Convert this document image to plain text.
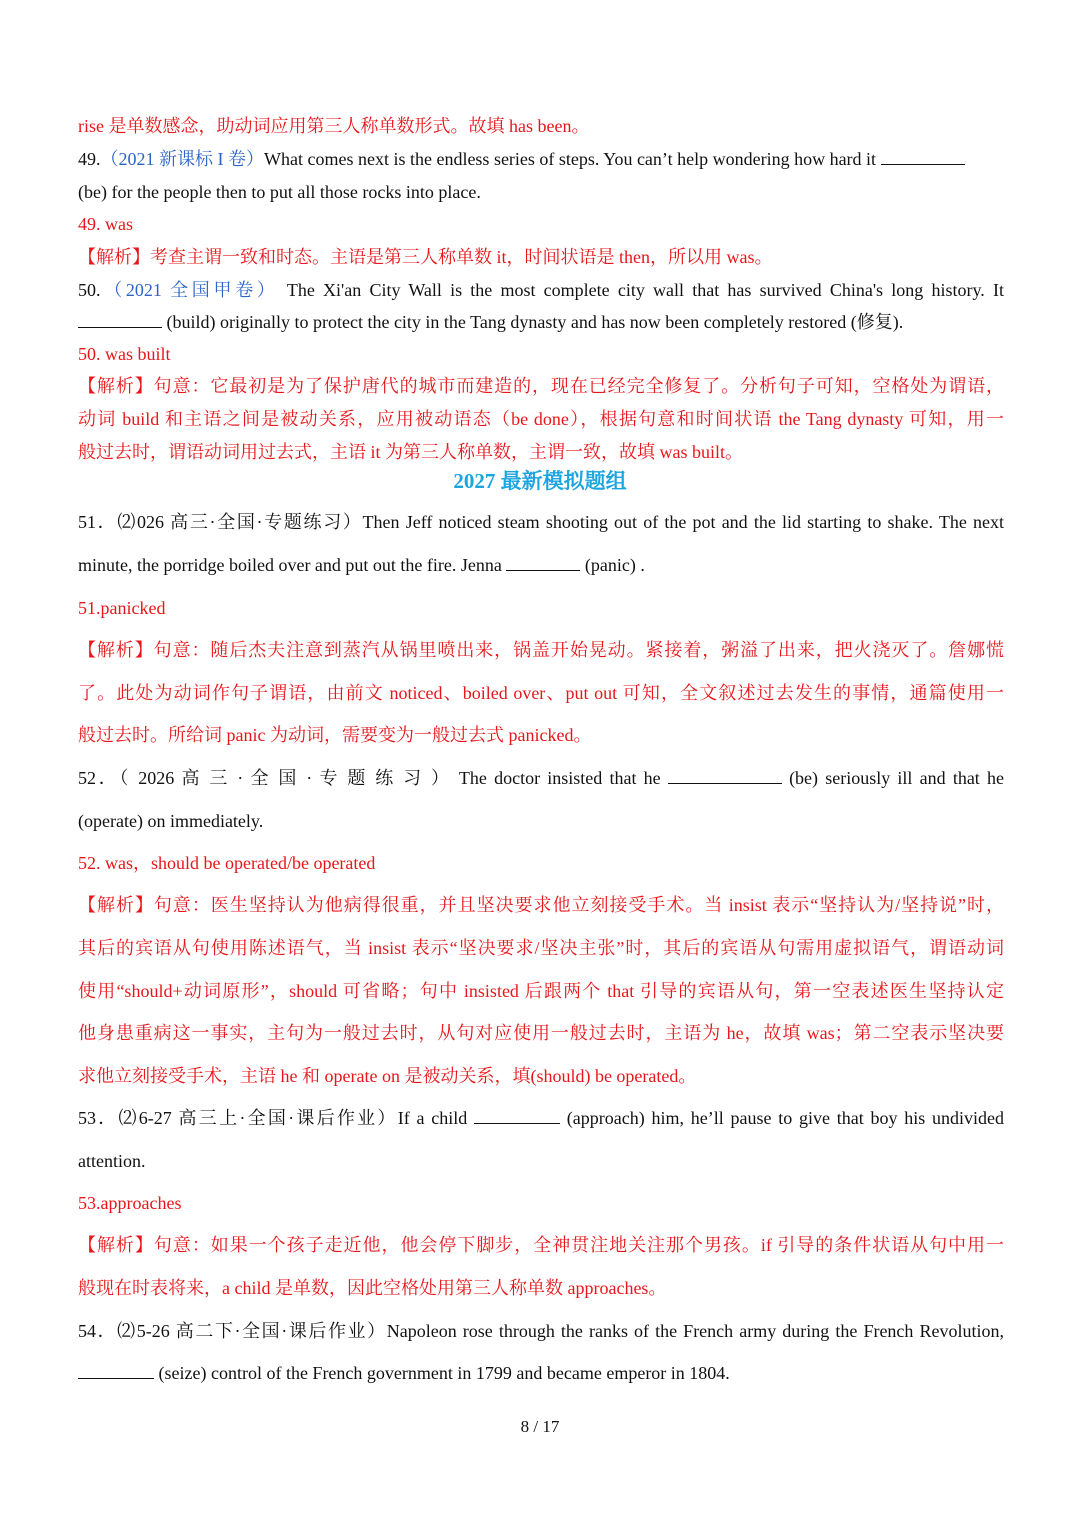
rise 是单数感念，助动词应用第三人称单数形式。故填 has been。
49.（2021 新课标 I 卷）What comes next is the endless series of steps. You can’t help wondering how hard it
(be) for the people then to put all those rocks into place.
49. was
【解析】考查主谓一致和时态。主语是第三人称单数 it，时间状语是 then，所以用 was。
50.（2021 全国甲卷） The Xi'an City Wall is the most complete city wall that has survived China's long history. It
(build) originally to protect the city in the Tang dynasty and has now been completely restored (修复).
50. was built
【解析】句意：它最初是为了保护唐代的城市而建造的，现在已经完全修复了。分析句子可知，空格处为谓语，
动词 build 和主语之间是被动关系，应用被动语态（be done），根据句意和时间状语 the Tang dynasty 可知，用一
般过去时，谓语动词用过去式，主语 it 为第三人称单数，主谓一致，故填 was built。
2027 最新模拟题组
51．⑵026 高三·全国·专题练习）Then Jeff noticed steam shooting out of the pot and the lid starting to shake. The next
minute, the porridge boiled over and put out the fire. Jenna	(panic) .
51.panicked
【解析】句意：随后杰夫注意到蒸汽从锅里喷出来，锅盖开始晃动。紧接着，粥溢了出来，把火浇灭了。詹娜慌
了。此处为动词作句子谓语，由前文 noticed、boiled over、put out 可知，全文叙述过去发生的事情，通篇使用一
般过去时。所给词 panic 为动词，需要变为一般过去式 panicked。
52．（ 2026 高 三 · 全 国 · 专 题 练 习 ） The doctor insisted that he	(be) seriously ill and that he
(operate) on immediately.
52. was，should be operated/be operated
【解析】句意：医生坚持认为他病得很重，并且坚决要求他立刻接受手术。当 insist 表示“坚持认为/坚持说”时，
其后的宾语从句使用陈述语气，当 insist 表示“坚决要求/坚决主张”时，其后的宾语从句需用虚拟语气，谓语动词
使用“should+动词原形”，should 可省略；句中 insisted 后跟两个 that 引导的宾语从句，第一空表述医生坚持认定
他身患重病这一事实，主句为一般过去时，从句对应使用一般过去时，主语为 he，故填 was；第二空表示坚决要
求他立刻接受手术，主语 he 和 operate on 是被动关系，填(should) be operated。
53．⑵6-27 高三上·全国·课后作业）If a child	(approach) him, he’ll pause to give that boy his undivided
attention.
53.approaches
【解析】句意：如果一个孩子走近他，他会停下脚步，全神贯注地关注那个男孩。if 引导的条件状语从句中用一
般现在时表将来，a child 是单数，因此空格处用第三人称单数 approaches。
54．⑵5-26 高二下·全国·课后作业）Napoleon rose through the ranks of the French army during the French Revolution,
(seize) control of the French government in 1799 and became emperor in 1804.
8 / 17
